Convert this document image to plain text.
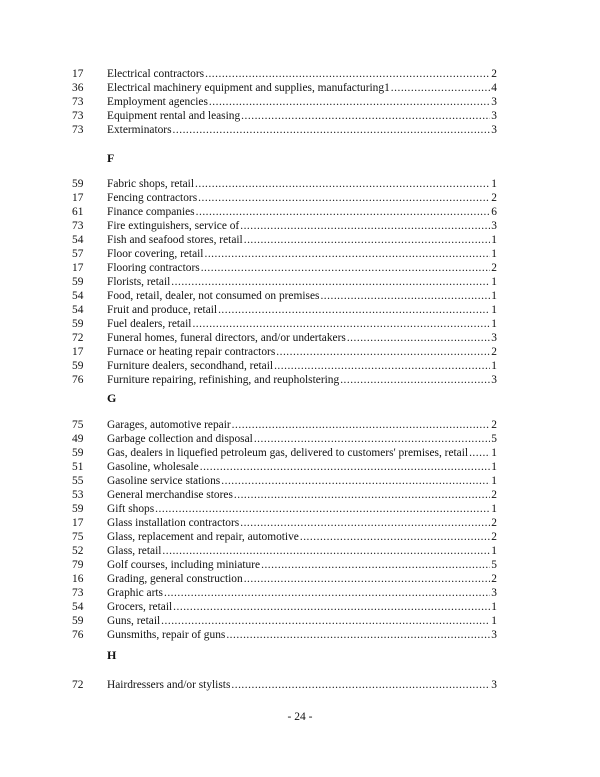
17	Electrical contractors .....	2
36	Electrical machinery equipment and supplies, manufacturing1 .....	4
73	Employment agencies .....	3
73	Equipment rental and leasing .....	3
73	Exterminators .....	3
F
59	Fabric shops, retail .....	1
17	Fencing contractors .....	2
61	Finance companies .....	6
73	Fire extinguishers, service of .....	3
54	Fish and seafood stores, retail .....	1
57	Floor covering, retail .....	1
17	Flooring contractors .....	2
59	Florists, retail .....	1
54	Food, retail, dealer, not consumed on premises .....	1
54	Fruit and produce, retail .....	1
59	Fuel dealers, retail .....	1
72	Funeral homes, funeral directors, and/or undertakers .....	3
17	Furnace or heating repair contractors .....	2
59	Furniture dealers, secondhand, retail .....	1
76	Furniture repairing, refinishing, and reupholstering .....	3
G
75	Garages, automotive repair .....	2
49	Garbage collection and disposal .....	5
59	Gas, dealers in liquefied petroleum gas, delivered to customers' premises, retail ..... 1
51	Gasoline, wholesale .....	1
55	Gasoline service stations .....	1
53	General merchandise stores .....	2
59	Gift shops .....	1
17	Glass installation contractors .....	2
75	Glass, replacement and repair, automotive .....	2
52	Glass, retail .....	1
79	Golf courses, including miniature .....	5
16	Grading, general construction .....	2
73	Graphic arts .....	3
54	Grocers, retail .....	1
59	Guns, retail .....	1
76	Gunsmiths, repair of guns .....	3
H
72	Hairdressers and/or stylists .....	3
- 24 -
